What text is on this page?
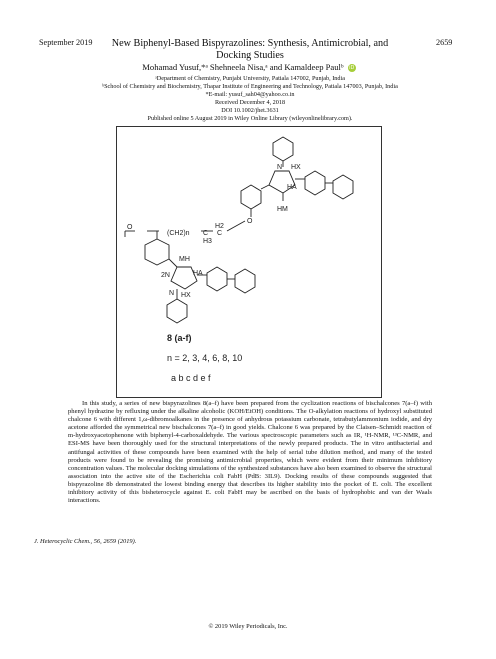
September 2019	New Biphenyl-Based Bispyrazolines: Synthesis, Antimicrobial, and Docking Studies
2659
Mohamad Yusuf,*ᵃ Shehneela Nisa,ᵃ and Kamaldeep Paulᵇ iD
ᵃDepartment of Chemistry, Punjabi University, Patiala 147002, Punjab, India
ᵇSchool of Chemistry and Biochemistry, Thapar Institute of Engineering and Technology, Patiala 147003, Punjab, India
*E-mail: yusuf_sah04@yahoo.co.in
Received December 4, 2018
DOI 10.1002/jhet.3631
Published online 5 August 2019 in Wiley Online Library (wileyonlinelibrary.com).
N HX
HA
HM
H2
O
C
(CH2)n C
H3
O
MH
HA
2N
N HX
8 (a-f)
n = 2, 3, 4, 6, 8, 10
a b c d e f

In this study, a series of new bispyrazolines 8(a–f) have been prepared from the cyclization reactions of bischalcones 7(a–f) with phenyl hydrazine by refluxing under the alkaline alcoholic (KOH/EtOH) conditions. The O-alkylation reactions of hydroxyl substituted chalcone 6 with different 1,ω-dibromoalkanes in the presence of anhydrous potassium carbonate, tetrabutylammonium iodide, and dry acetone afforded the symmetrical new bischalcones 7(a–f) in good yields. Chalcone 6 was prepared by the Claisen–Schmidt reaction of m-hydroxyacetophenone with biphenyl-4-carboxaldehyde. The various spectroscopic parameters such as IR, ¹H-NMR, ¹³C-NMR, and ESI-MS have been thoroughly used for the structural interpretations of the newly prepared products. The in vitro antibacterial and antifungal activities of these compounds have been examined with the help of serial tube dilution method, and many of the tested products were found to be revealing the promising antimicrobial properties, which were evident from their minimum inhibitory concentration values. The molecular docking simulations of the synthesized substances have also been examined to observe the structural association into the active site of the Escherichia coli FabH (PdB: 3IL9). Docking results of these compounds suggested that bispyrazoline 8b demonstrated the lowest binding energy that describes its higher stability into the pocket of E. coli. The excellent inhibitory activity of this bisheterocycle against E. coli FabH may be ascribed on the basis of hydrophobic and van der Waals interactions.

J. Heterocyclic Chem., 56, 2659 (2019).
© 2019 Wiley Periodicals, Inc.
